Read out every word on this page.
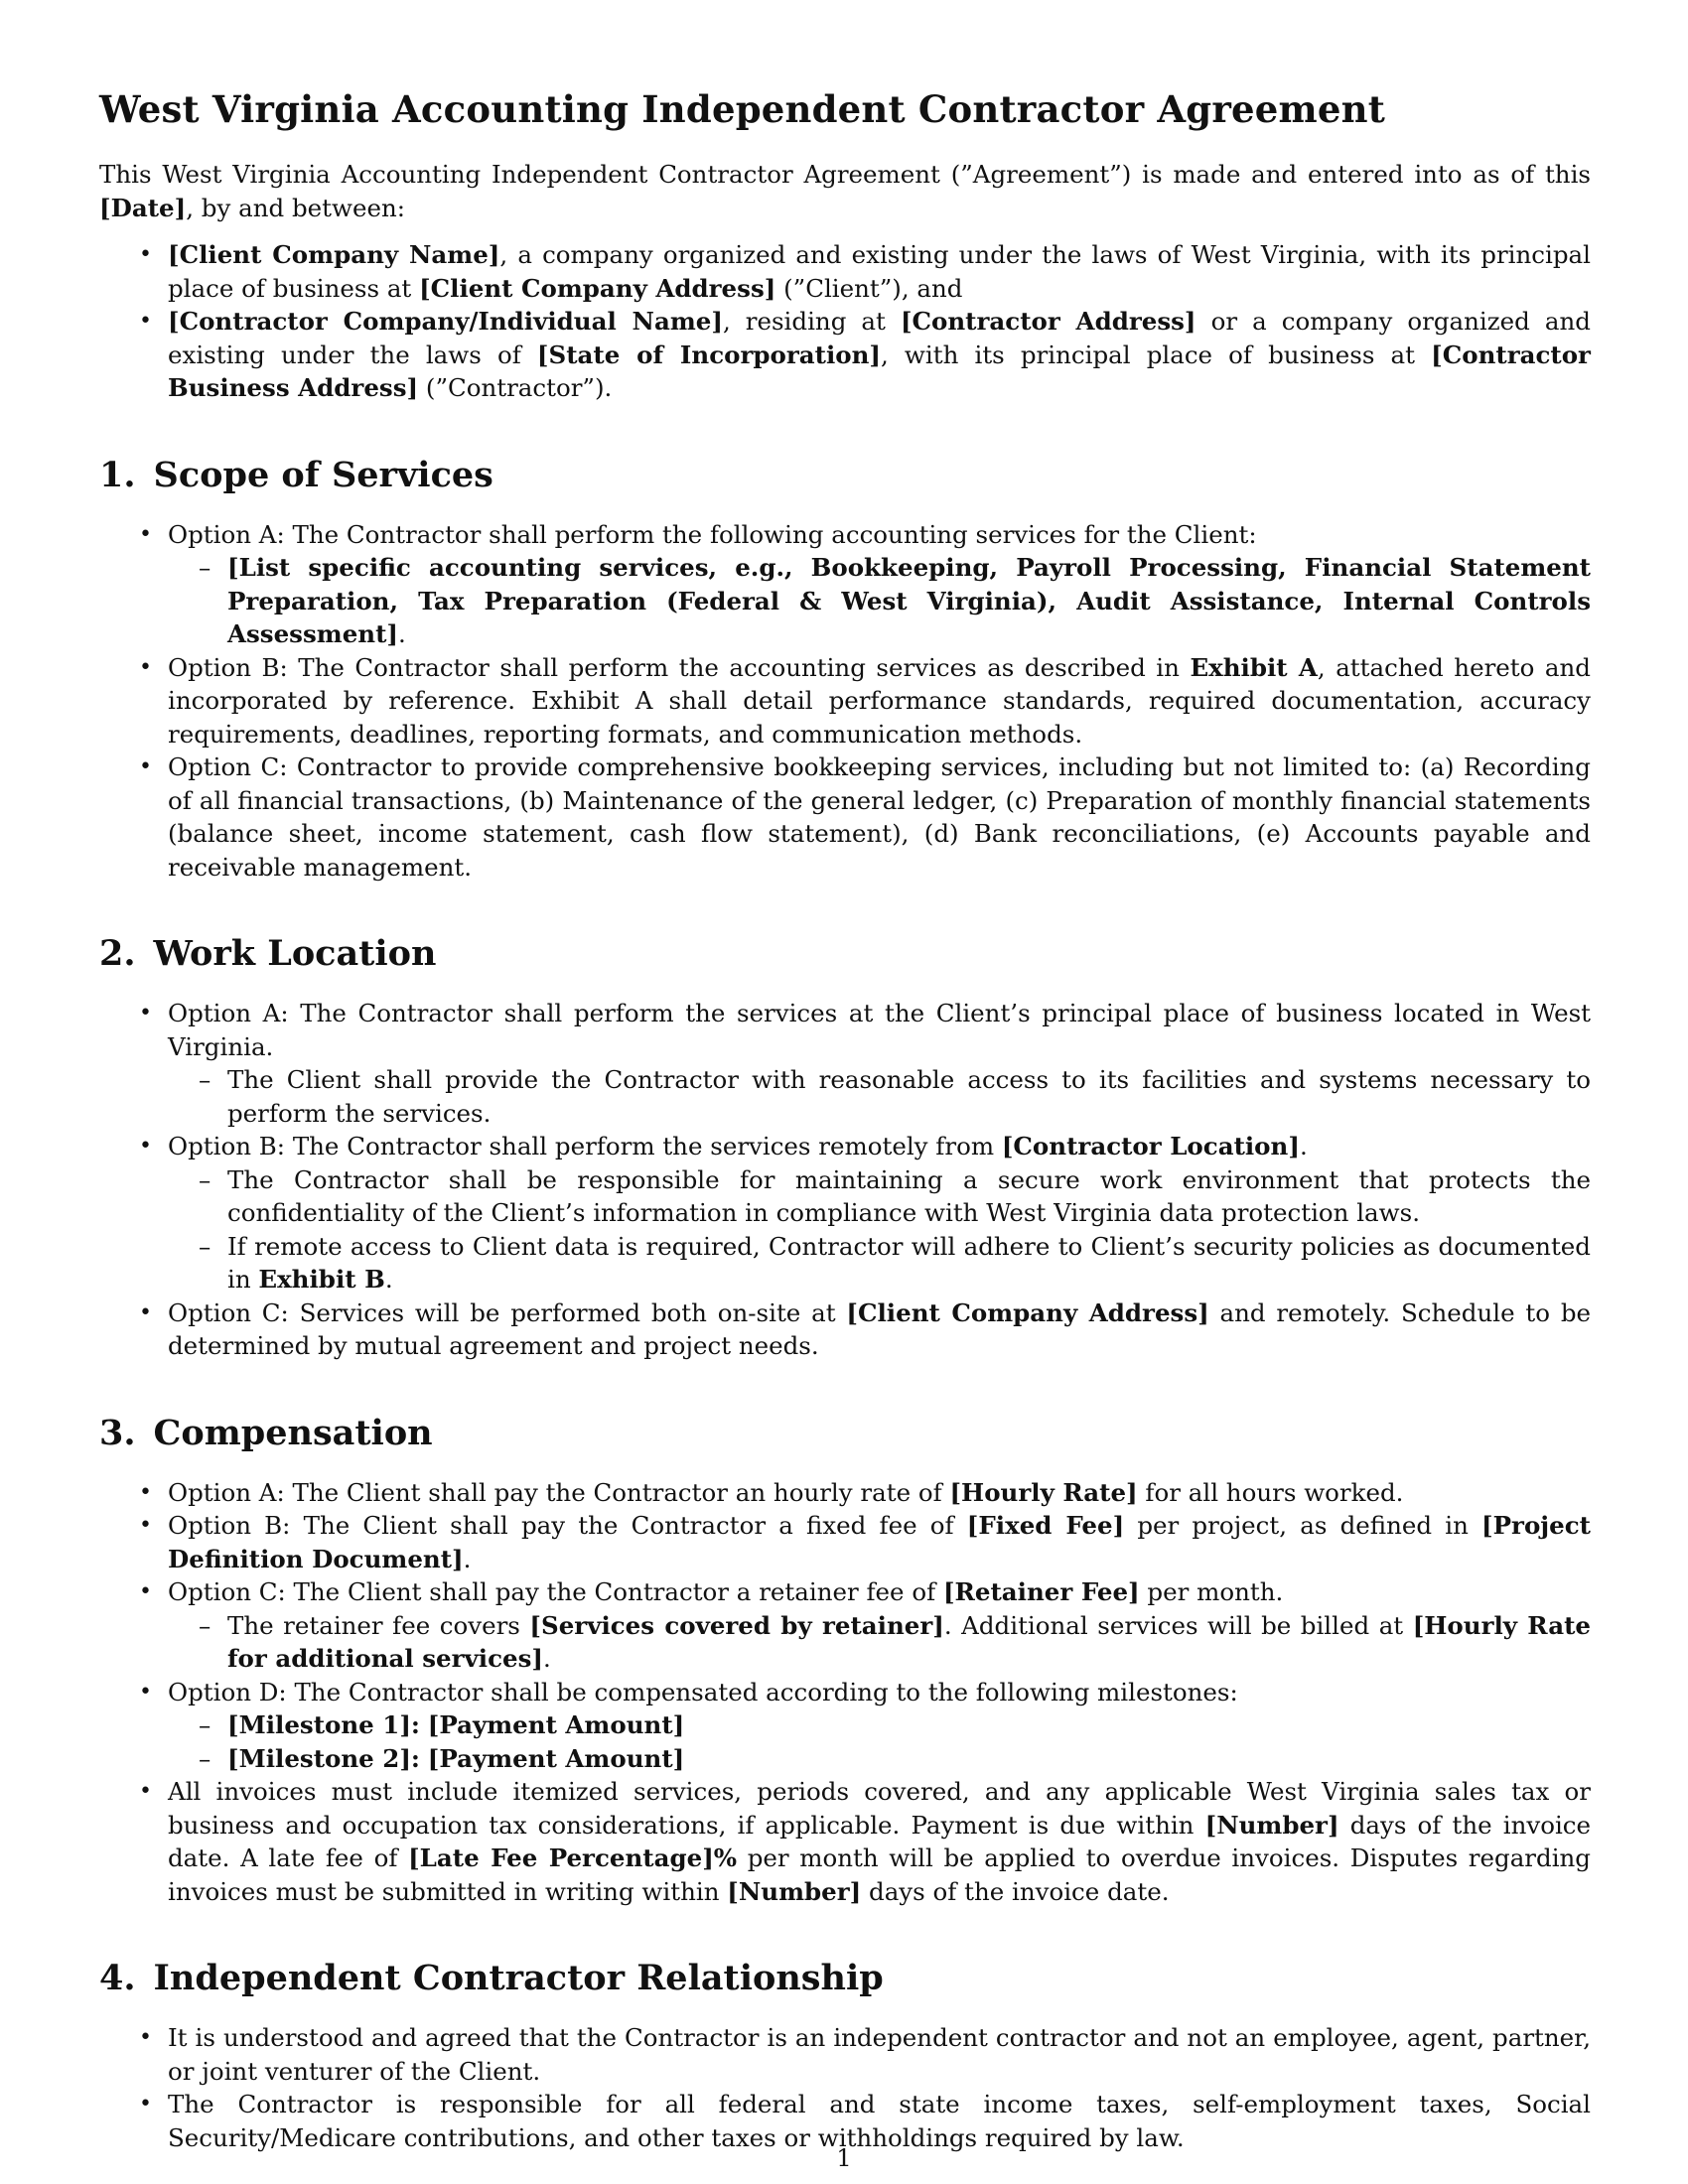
West Virginia Accounting Independent Contractor Agreement

This West Virginia Accounting Independent Contractor Agreement (”Agreement”) is made and entered into as of this [Date], by and between:

• [Client Company Name], a company organized and existing under the laws of West Virginia, with its principal place of business at [Client Company Address] (”Client”), and
• [Contractor Company/Individual Name], residing at [Contractor Address] or a company organized and existing under the laws of [State of Incorporation], with its principal place of business at [Contractor Business Address] (”Contractor”).
1. Scope of Services
• Option A: The Contractor shall perform the following accounting services for the Client:
– [List specific accounting services, e.g., Bookkeeping, Payroll Processing, Financial Statement Preparation, Tax Preparation (Federal & West Virginia), Audit Assistance, Internal Controls Assessment].
• Option B: The Contractor shall perform the accounting services as described in Exhibit A, attached hereto and incorporated by reference. Exhibit A shall detail performance standards, required documentation, accuracy requirements, deadlines, reporting formats, and communication methods.
• Option C: Contractor to provide comprehensive bookkeeping services, including but not limited to: (a) Recording of all financial transactions, (b) Maintenance of the general ledger, (c) Preparation of monthly financial statements (balance sheet, income statement, cash flow statement), (d) Bank reconciliations, (e) Accounts payable and receivable management.
2. Work Location
• Option A: The Contractor shall perform the services at the Client’s principal place of business located in West Virginia.
– The Client shall provide the Contractor with reasonable access to its facilities and systems necessary to perform the services.
• Option B: The Contractor shall perform the services remotely from [Contractor Location].
– The Contractor shall be responsible for maintaining a secure work environment that protects the confidentiality of the Client’s information in compliance with West Virginia data protection laws.
– If remote access to Client data is required, Contractor will adhere to Client’s security policies as documented in Exhibit B.
• Option C: Services will be performed both on-site at [Client Company Address] and remotely. Schedule to be determined by mutual agreement and project needs.
3. Compensation
• Option A: The Client shall pay the Contractor an hourly rate of [Hourly Rate] for all hours worked.
• Option B: The Client shall pay the Contractor a fixed fee of [Fixed Fee] per project, as defined in [Project Definition Document].
• Option C: The Client shall pay the Contractor a retainer fee of [Retainer Fee] per month.
– The retainer fee covers [Services covered by retainer]. Additional services will be billed at [Hourly Rate for additional services].
• Option D: The Contractor shall be compensated according to the following milestones:
– [Milestone 1]: [Payment Amount]
– [Milestone 2]: [Payment Amount]
• All invoices must include itemized services, periods covered, and any applicable West Virginia sales tax or business and occupation tax considerations, if applicable. Payment is due within [Number] days of the invoice date. A late fee of [Late Fee Percentage]% per month will be applied to overdue invoices. Disputes regarding invoices must be submitted in writing within [Number] days of the invoice date.
4. Independent Contractor Relationship
• It is understood and agreed that the Contractor is an independent contractor and not an employee, agent, partner, or joint venturer of the Client.
• The Contractor is responsible for all federal and state income taxes, self-employment taxes, Social Security/Medicare contributions, and other taxes or withholdings required by law.
1
